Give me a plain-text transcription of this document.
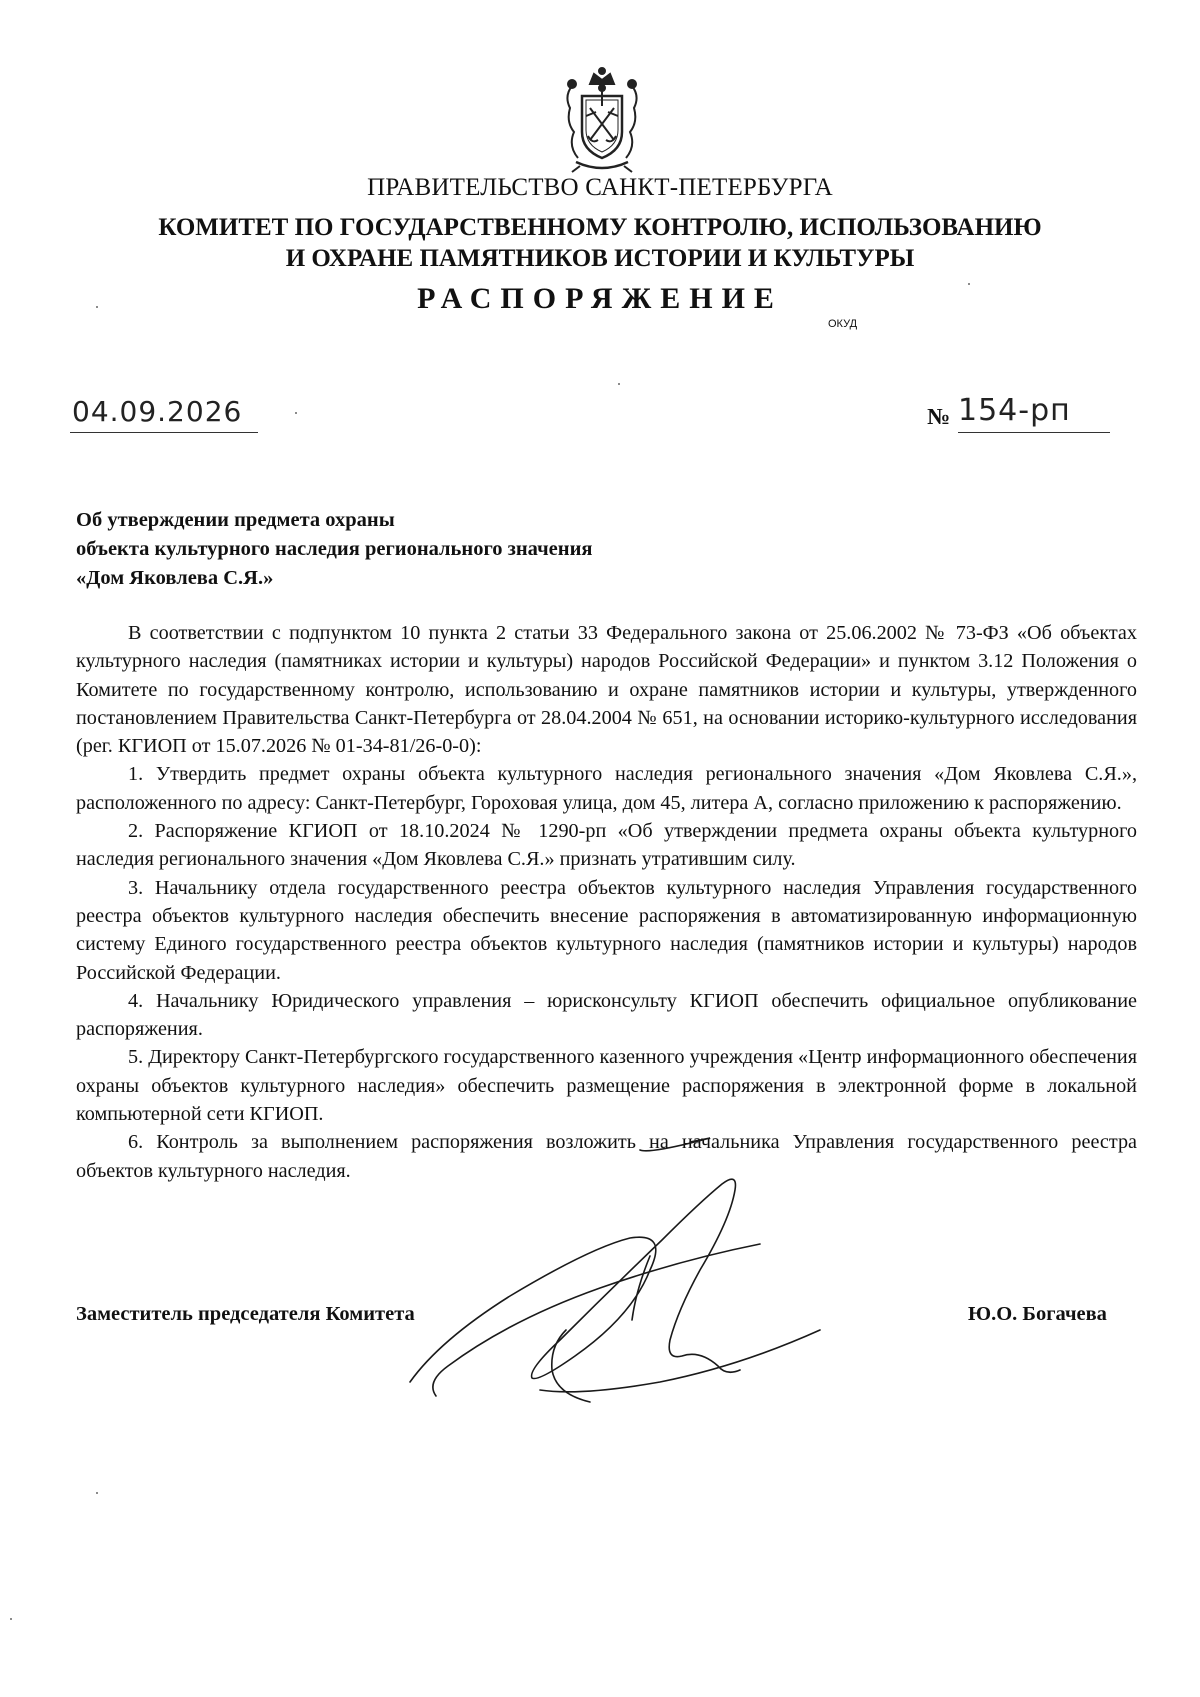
ПРАВИТЕЛЬСТВО САНКТ-ПЕТЕРБУРГА
КОМИТЕТ ПО ГОСУДАРСТВЕННОМУ КОНТРОЛЮ, ИСПОЛЬЗОВАНИЮ
И ОХРАНЕ ПАМЯТНИКОВ ИСТОРИИ И КУЛЬТУРЫ
РАСПОРЯЖЕНИЕ
ОКУД
04.09.2026	№ 154-рп
Об утверждении предмета охраны
объекта культурного наследия регионального значения
«Дом Яковлева С.Я.»

В соответствии с подпунктом 10 пункта 2 статьи 33 Федерального закона от 25.06.2002 № 73-ФЗ «Об объектах культурного наследия (памятниках истории и культуры) народов Российской Федерации» и пунктом 3.12 Положения о Комитете по государственному контролю, использованию и охране памятников истории и культуры, утвержденного постановлением Правительства Санкт-Петербурга от 28.04.2004 № 651, на основании историко-культурного исследования (рег. КГИОП от 15.07.2026 № 01-34-81/26-0-0):

1. Утвердить предмет охраны объекта культурного наследия регионального значения «Дом Яковлева С.Я.», расположенного по адресу: Санкт-Петербург, Гороховая улица, дом 45, литера А, согласно приложению к распоряжению.

2. Распоряжение КГИОП от 18.10.2024 № 1290-рп «Об утверждении предмета охраны объекта культурного наследия регионального значения «Дом Яковлева С.Я.» признать утратившим силу.

3. Начальнику отдела государственного реестра объектов культурного наследия Управления государственного реестра объектов культурного наследия обеспечить внесение распоряжения в автоматизированную информационную систему Единого государственного реестра объектов культурного наследия (памятников истории и культуры) народов Российской Федерации.

4. Начальнику Юридического управления – юрисконсульту КГИОП обеспечить официальное опубликование распоряжения.

5. Директору Санкт-Петербургского государственного казенного учреждения «Центр информационного обеспечения охраны объектов культурного наследия» обеспечить размещение распоряжения в электронной форме в локальной компьютерной сети КГИОП.

6. Контроль за выполнением распоряжения возложить на начальника Управления государственного реестра объектов культурного наследия.

Заместитель председателя Комитета	Ю.О. Богачева
